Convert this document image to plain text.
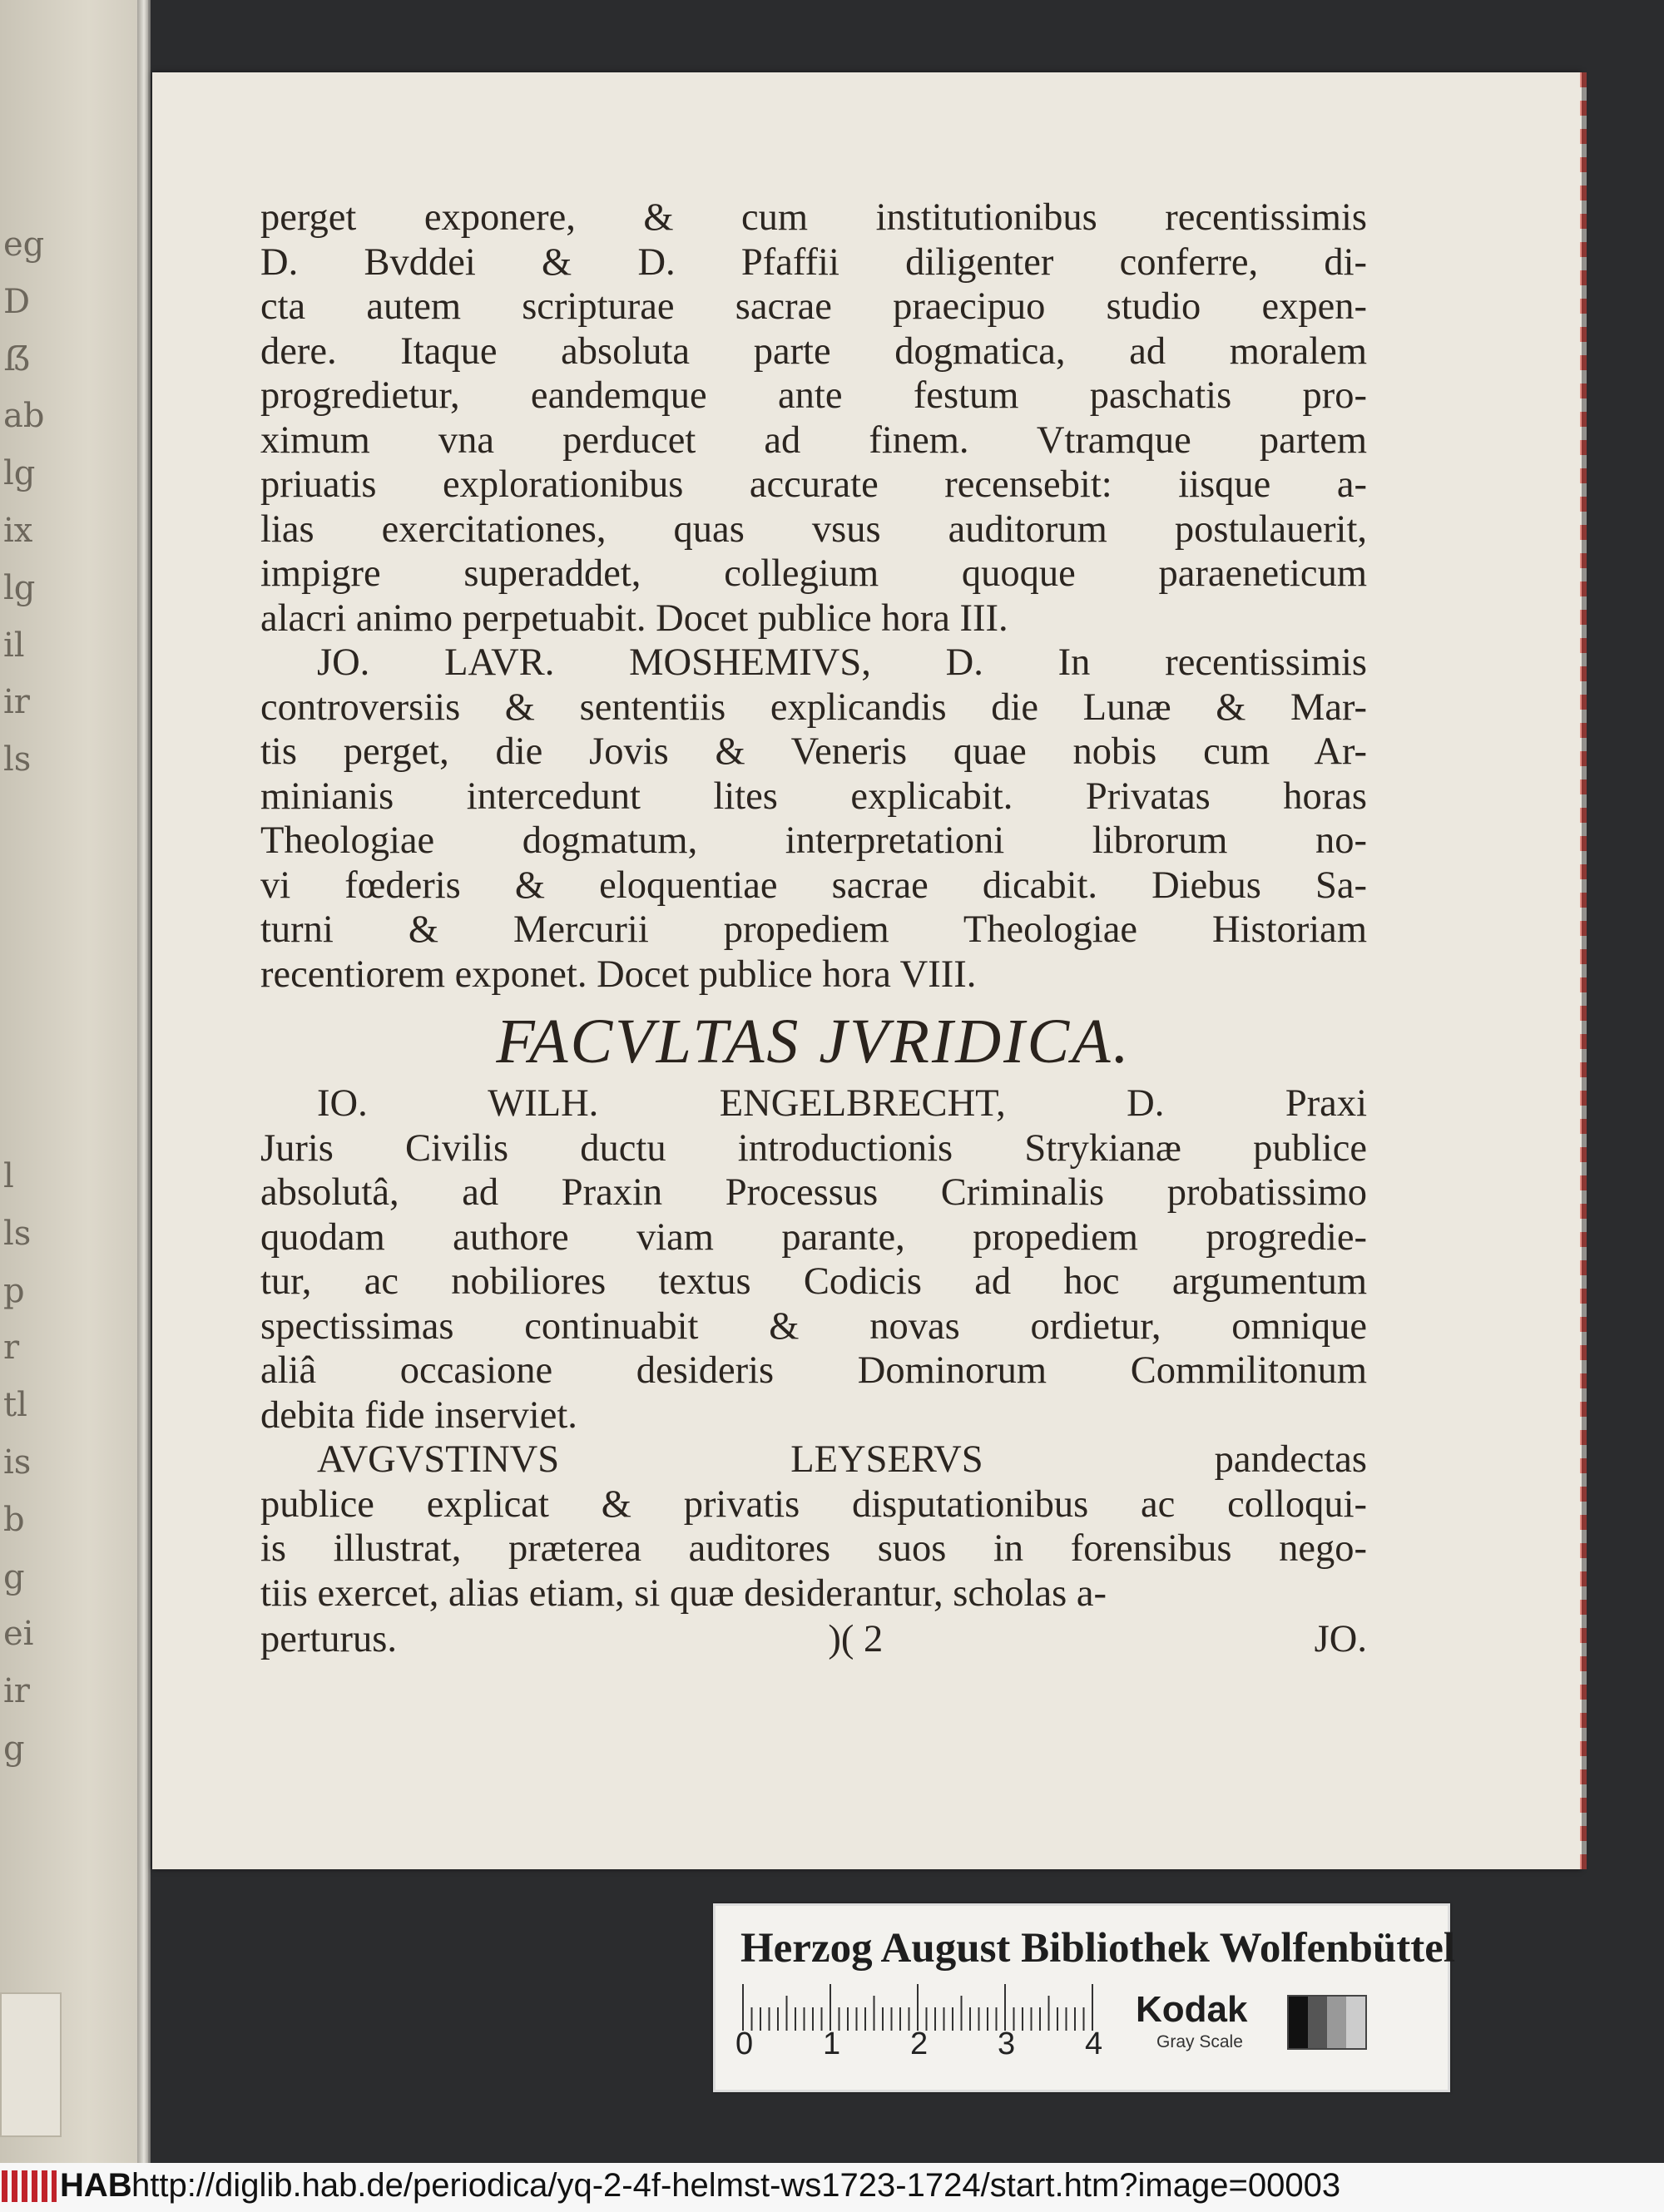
eg
D
ẞ
ab
lg
ix
lg
il
ir
ls
l
ls
p
r
tl
is
b
g
ei
ir
g
perget exponere, & cum institutionibus recentissimis
D. Bvddei & D. Pfaffii diligenter conferre, di-
cta autem scripturae sacrae praecipuo studio expen-
dere. Itaque absoluta parte dogmatica, ad moralem
progredietur, eandemque ante festum paschatis pro-
ximum vna perducet ad finem. Vtramque partem
priuatis explorationibus accurate recensebit: iisque a-
lias exercitationes, quas vsus auditorum postulauerit,
impigre superaddet, collegium quoque paraeneticum
alacri animo perpetuabit. Docet publice hora III.
JO. LAVR. MOSHEMIVS, D. In recentissimis
controversiis & sententiis explicandis die Lunæ & Mar-
tis perget, die Jovis & Veneris quae nobis cum Ar-
minianis intercedunt lites explicabit. Privatas horas
Theologiae dogmatum, interpretationi librorum no-
vi fœderis & eloquentiae sacrae dicabit. Diebus Sa-
turni & Mercurii propediem Theologiae Historiam
recentiorem exponet. Docet publice hora VIII.
FACVLTAS JVRIDICA.
IO. WILH. ENGELBRECHT, D. Praxi
Juris Civilis ductu introductionis Strykianæ publice
absolutâ, ad Praxin Processus Criminalis probatissimo
quodam authore viam parante, propediem progredie-
tur, ac nobiliores textus Codicis ad hoc argumentum
spectissimas continuabit & novas ordietur, omnique
aliâ occasione desideris Dominorum Commilitonum
debita fide inserviet.
AVGVSTINVS LEYSERVS pandectas
publice explicat & privatis disputationibus ac colloqui-
is illustrat, præterea auditores suos in forensibus nego-
tiis exercet, alias etiam, si quæ desiderantur, scholas a-
perturus.	)( 2	JO.
Herzog August Bibliothek Wolfenbüttel
0 1 2 3 4
Kodak
Gray Scale
HAB http://diglib.hab.de/periodica/yq-2-4f-helmst-ws1723-1724/start.htm?image=00003
